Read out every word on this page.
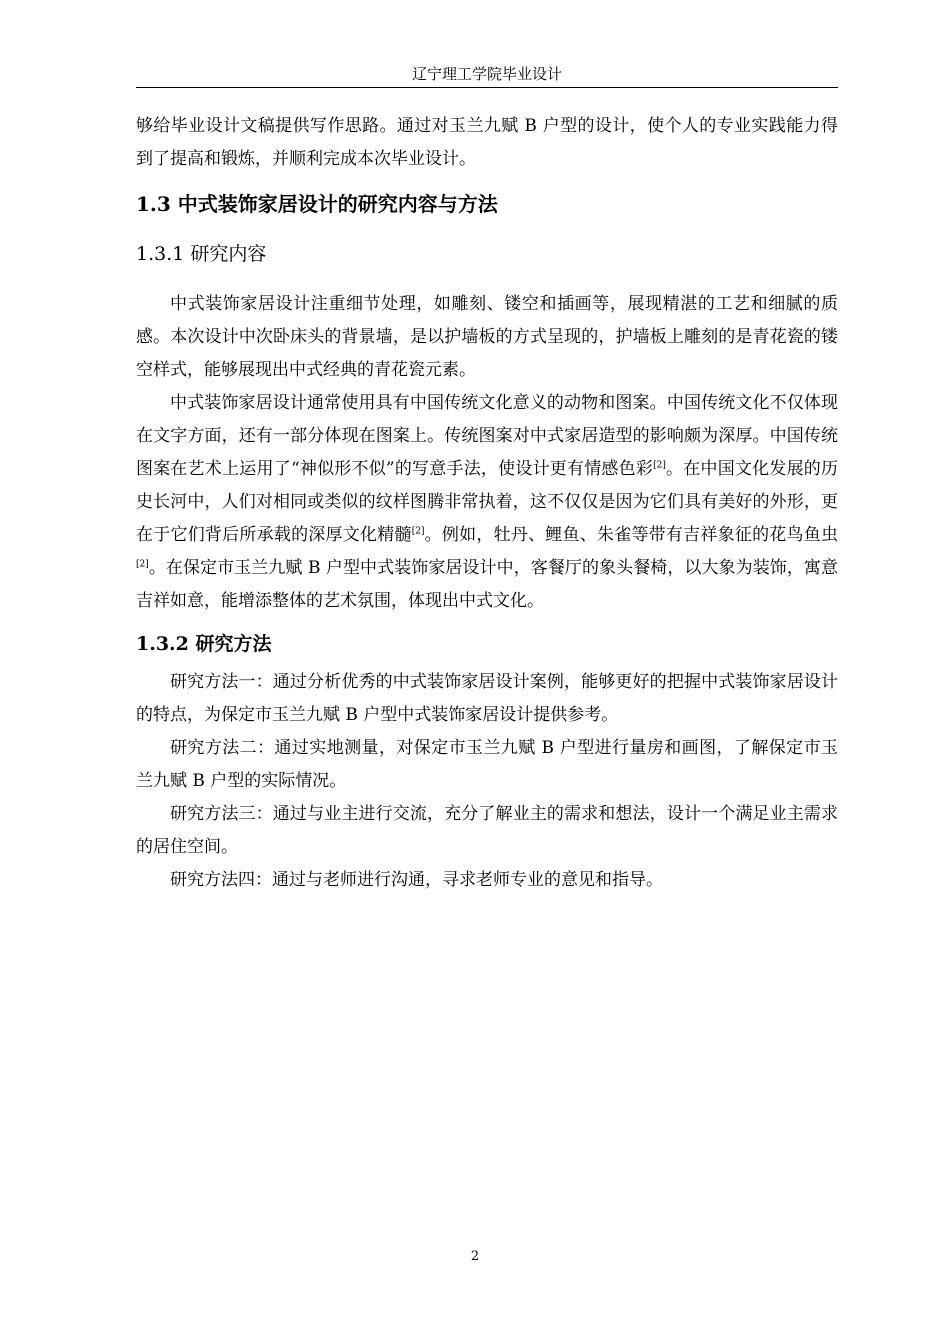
辽宁理工学院毕业设计

够给毕业设计文稿提供写作思路。通过对玉兰九赋 B 户型的设计，使个人的专业实践能力得到了提高和锻炼，并顺利完成本次毕业设计。

1.3 中式装饰家居设计的研究内容与方法
1.3.1 研究内容

中式装饰家居设计注重细节处理，如雕刻、镂空和插画等，展现精湛的工艺和细腻的质感。本次设计中次卧床头的背景墙，是以护墙板的方式呈现的，护墙板上雕刻的是青花瓷的镂空样式，能够展现出中式经典的青花瓷元素。

中式装饰家居设计通常使用具有中国传统文化意义的动物和图案。中国传统文化不仅体现在文字方面，还有一部分体现在图案上。传统图案对中式家居造型的影响颇为深厚。中国传统图案在艺术上运用了“神似形不似”的写意手法，使设计更有情感色彩[2]。在中国文化发展的历史长河中，人们对相同或类似的纹样图腾非常执着，这不仅仅是因为它们具有美好的外形，更在于它们背后所承载的深厚文化精髓[2]。例如，牡丹、鲤鱼、朱雀等带有吉祥象征的花鸟鱼虫[2]。在保定市玉兰九赋 B 户型中式装饰家居设计中，客餐厅的象头餐椅，以大象为装饰，寓意吉祥如意，能增添整体的艺术氛围，体现出中式文化。

1.3.2 研究方法

研究方法一：通过分析优秀的中式装饰家居设计案例，能够更好的把握中式装饰家居设计的特点，为保定市玉兰九赋 B 户型中式装饰家居设计提供参考。

研究方法二：通过实地测量，对保定市玉兰九赋 B 户型进行量房和画图，了解保定市玉兰九赋 B 户型的实际情况。

研究方法三：通过与业主进行交流，充分了解业主的需求和想法，设计一个满足业主需求的居住空间。

研究方法四：通过与老师进行沟通，寻求老师专业的意见和指导。

2
